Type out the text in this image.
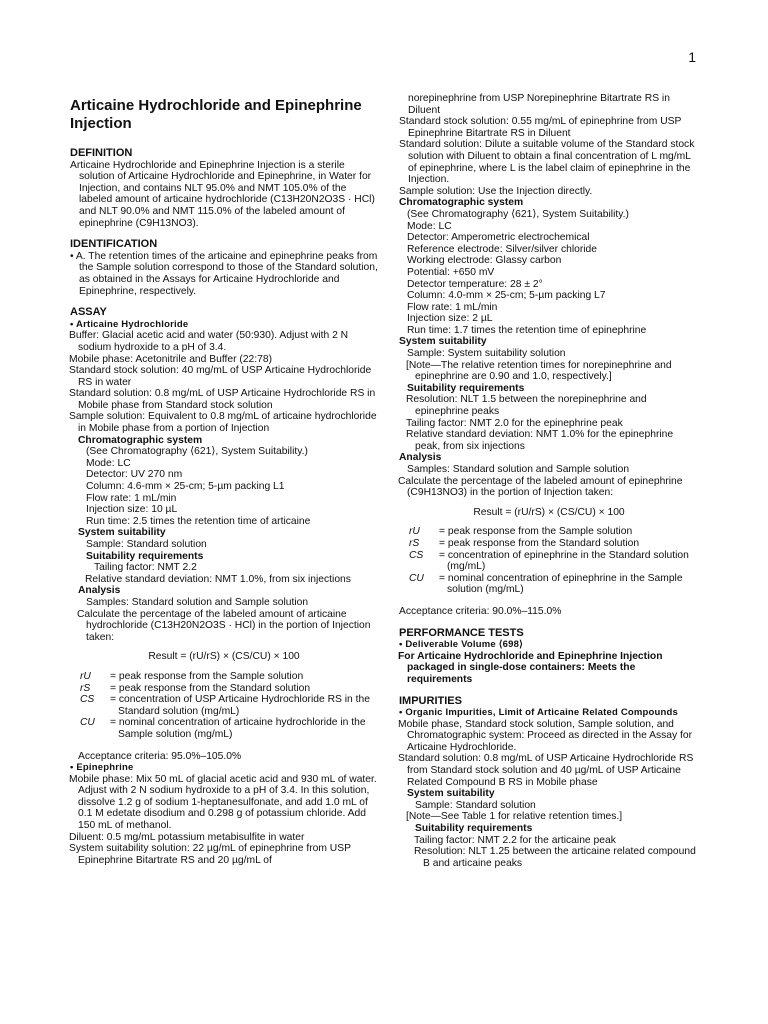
1
Articaine Hydrochloride and Epinephrine Injection
DEFINITION
Articaine Hydrochloride and Epinephrine Injection is a sterile solution of Articaine Hydrochloride and Epinephrine, in Water for Injection, and contains NLT 95.0% and NMT 105.0% of the labeled amount of articaine hydrochloride (C13H20N2O3S · HCl) and NLT 90.0% and NMT 115.0% of the labeled amount of epinephrine (C9H13NO3).
IDENTIFICATION
• A. The retention times of the articaine and epinephrine peaks from the Sample solution correspond to those of the Standard solution, as obtained in the Assays for Articaine Hydrochloride and Epinephrine, respectively.
ASSAY
• Articaine Hydrochloride
Buffer: Glacial acetic acid and water (50:930). Adjust with 2 N sodium hydroxide to a pH of 3.4.
Mobile phase: Acetonitrile and Buffer (22:78)
Standard stock solution: 40 mg/mL of USP Articaine Hydrochloride RS in water
Standard solution: 0.8 mg/mL of USP Articaine Hydrochloride RS in Mobile phase from Standard stock solution
Sample solution: Equivalent to 0.8 mg/mL of articaine hydrochloride in Mobile phase from a portion of Injection
Chromatographic system
(See Chromatography ⟨621⟩, System Suitability.)
Mode: LC
Detector: UV 270 nm
Column: 4.6-mm × 25-cm; 5-µm packing L1
Flow rate: 1 mL/min
Injection size: 10 µL
Run time: 2.5 times the retention time of articaine
System suitability
Sample: Standard solution
Suitability requirements
Tailing factor: NMT 2.2
Relative standard deviation: NMT 1.0%, from six injections
Analysis
Samples: Standard solution and Sample solution
Calculate the percentage of the labeled amount of articaine hydrochloride (C13H20N2O3S · HCl) in the portion of Injection taken:
Result = (rU/rS) × (CS/CU) × 100
rU	= peak response from the Sample solution
rS	= peak response from the Standard solution
CS	= concentration of USP Articaine Hydrochloride RS in the Standard solution (mg/mL)
CU	= nominal concentration of articaine hydrochloride in the Sample solution (mg/mL)
Acceptance criteria: 95.0%–105.0%
• Epinephrine
Mobile phase: Mix 50 mL of glacial acetic acid and 930 mL of water. Adjust with 2 N sodium hydroxide to a pH of 3.4. In this solution, dissolve 1.2 g of sodium 1-heptanesulfonate, and add 1.0 mL of 0.1 M edetate disodium and 0.298 g of potassium chloride. Add 150 mL of methanol.
Diluent: 0.5 mg/mL potassium metabisulfite in water
System suitability solution: 22 µg/mL of epinephrine from USP Epinephrine Bitartrate RS and 20 µg/mL of
norepinephrine from USP Norepinephrine Bitartrate RS in Diluent
Standard stock solution: 0.55 mg/mL of epinephrine from USP Epinephrine Bitartrate RS in Diluent
Standard solution: Dilute a suitable volume of the Standard stock solution with Diluent to obtain a final concentration of L mg/mL of epinephrine, where L is the label claim of epinephrine in the Injection.
Sample solution: Use the Injection directly.
Chromatographic system
(See Chromatography ⟨621⟩, System Suitability.)
Mode: LC
Detector: Amperometric electrochemical
Reference electrode: Silver/silver chloride
Working electrode: Glassy carbon
Potential: +650 mV
Detector temperature: 28 ± 2°
Column: 4.0-mm × 25-cm; 5-µm packing L7
Flow rate: 1 mL/min
Injection size: 2 µL
Run time: 1.7 times the retention time of epinephrine
System suitability
Sample: System suitability solution
[Note—The relative retention times for norepinephrine and epinephrine are 0.90 and 1.0, respectively.]
Suitability requirements
Resolution: NLT 1.5 between the norepinephrine and epinephrine peaks
Tailing factor: NMT 2.0 for the epinephrine peak
Relative standard deviation: NMT 1.0% for the epinephrine peak, from six injections
Analysis
Samples: Standard solution and Sample solution
Calculate the percentage of the labeled amount of epinephrine (C9H13NO3) in the portion of Injection taken:
Result = (rU/rS) × (CS/CU) × 100
rU	= peak response from the Sample solution
rS	= peak response from the Standard solution
CS	= concentration of epinephrine in the Standard solution (mg/mL)
CU	= nominal concentration of epinephrine in the Sample solution (mg/mL)
Acceptance criteria: 90.0%–115.0%
PERFORMANCE TESTS
• Deliverable Volume ⟨698⟩
For Articaine Hydrochloride and Epinephrine Injection packaged in single-dose containers: Meets the requirements
IMPURITIES
• Organic Impurities, Limit of Articaine Related Compounds
Mobile phase, Standard stock solution, Sample solution, and Chromatographic system: Proceed as directed in the Assay for Articaine Hydrochloride.
Standard solution: 0.8 mg/mL of USP Articaine Hydrochloride RS from Standard stock solution and 40 µg/mL of USP Articaine Related Compound B RS in Mobile phase
System suitability
Sample: Standard solution
[Note—See Table 1 for relative retention times.]
Suitability requirements
Tailing factor: NMT 2.2 for the articaine peak
Resolution: NLT 1.25 between the articaine related compound B and articaine peaks
